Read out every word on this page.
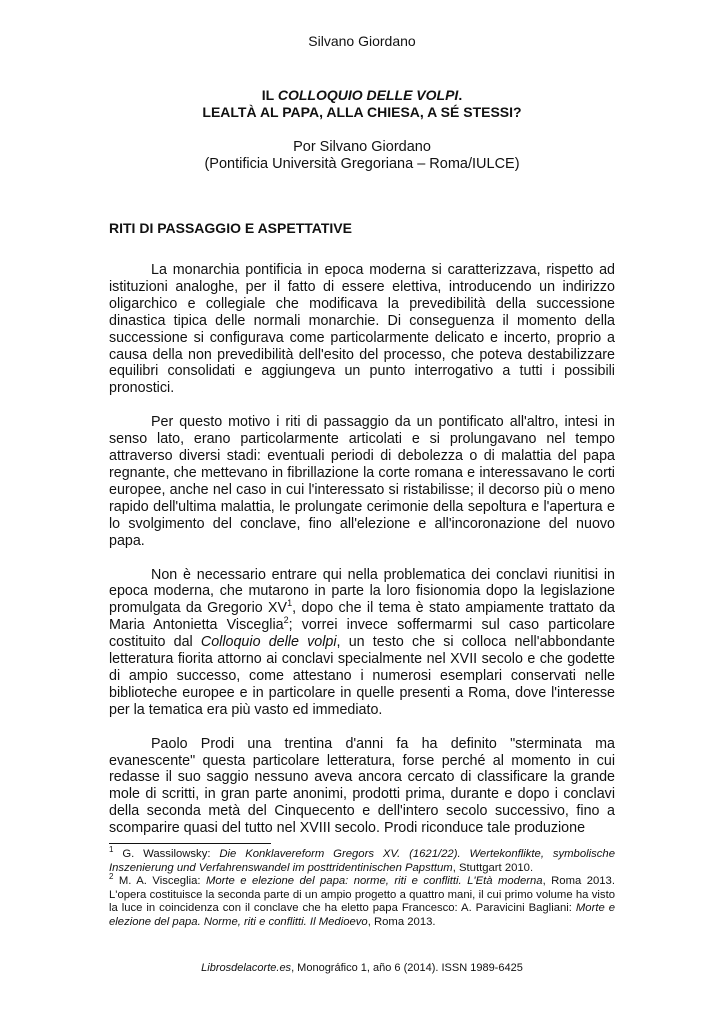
Silvano Giordano
IL COLLOQUIO DELLE VOLPI.
LEALTÀ AL PAPA, ALLA CHIESA, A SÉ STESSI?
Por Silvano Giordano
(Pontificia Università Gregoriana – Roma/IULCE)
RITI DI PASSAGGIO E ASPETTATIVE

La monarchia pontificia in epoca moderna si caratterizzava, rispetto ad istituzioni analoghe, per il fatto di essere elettiva, introducendo un indirizzo oligarchico e collegiale che modificava la prevedibilità della successione dinastica tipica delle normali monarchie. Di conseguenza il momento della successione si configurava come particolarmente delicato e incerto, proprio a causa della non prevedibilità dell'esito del processo, che poteva destabilizzare equilibri consolidati e aggiungeva un punto interrogativo a tutti i possibili pronostici.

Per questo motivo i riti di passaggio da un pontificato all'altro, intesi in senso lato, erano particolarmente articolati e si prolungavano nel tempo attraverso diversi stadi: eventuali periodi di debolezza o di malattia del papa regnante, che mettevano in fibrillazione la corte romana e interessavano le corti europee, anche nel caso in cui l'interessato si ristabilisse; il decorso più o meno rapido dell'ultima malattia, le prolungate cerimonie della sepoltura e l'apertura e lo svolgimento del conclave, fino all'elezione e all'incoronazione del nuovo papa.

Non è necessario entrare qui nella problematica dei conclavi riunitisi in epoca moderna, che mutarono in parte la loro fisionomia dopo la legislazione promulgata da Gregorio $XV^1$, dopo che il tema è stato ampiamente trattato da Maria Antonietta Visceglia$^2$; vorrei invece soffermarmi sul caso particolare costituito dal Colloquio delle volpi, un testo che si colloca nell'abbondante letteratura fiorita attorno ai conclavi specialmente nel XVII secolo e che godette di ampio successo, come attestano i numerosi esemplari conservati nelle biblioteche europee e in particolare in quelle presenti a Roma, dove l'interesse per la tematica era più vasto ed immediato.

Paolo Prodi una trentina d'anni fa ha definito "sterminata ma evanescente" questa particolare letteratura, forse perché al momento in cui redasse il suo saggio nessuno aveva ancora cercato di classificare la grande mole di scritti, in gran parte anonimi, prodotti prima, durante e dopo i conclavi della seconda metà del Cinquecento e dell'intero secolo successivo, fino a scomparire quasi del tutto nel XVIII secolo. Prodi riconduce tale produzione

$^1$ G. Wassilowsky: Die Konklavereform Gregors XV. (1621/22). Wertekonflikte, symbolische Inszenierung und Verfahrenswandel im posttridentinischen Papsttum, Stuttgart 2010.

$^2$ M. A. Visceglia: Morte e elezione del papa: norme, riti e conflitti. L'Età moderna, Roma 2013. L'opera costituisce la seconda parte di un ampio progetto a quattro mani, il cui primo volume ha visto la luce in coincidenza con il conclave che ha eletto papa Francesco: A. Paravicini Bagliani: Morte e elezione del papa. Norme, riti e conflitti. Il Medioevo, Roma 2013.

Librosdelacorte.es, Monográfico 1, año 6 (2014). ISSN 1989-6425
